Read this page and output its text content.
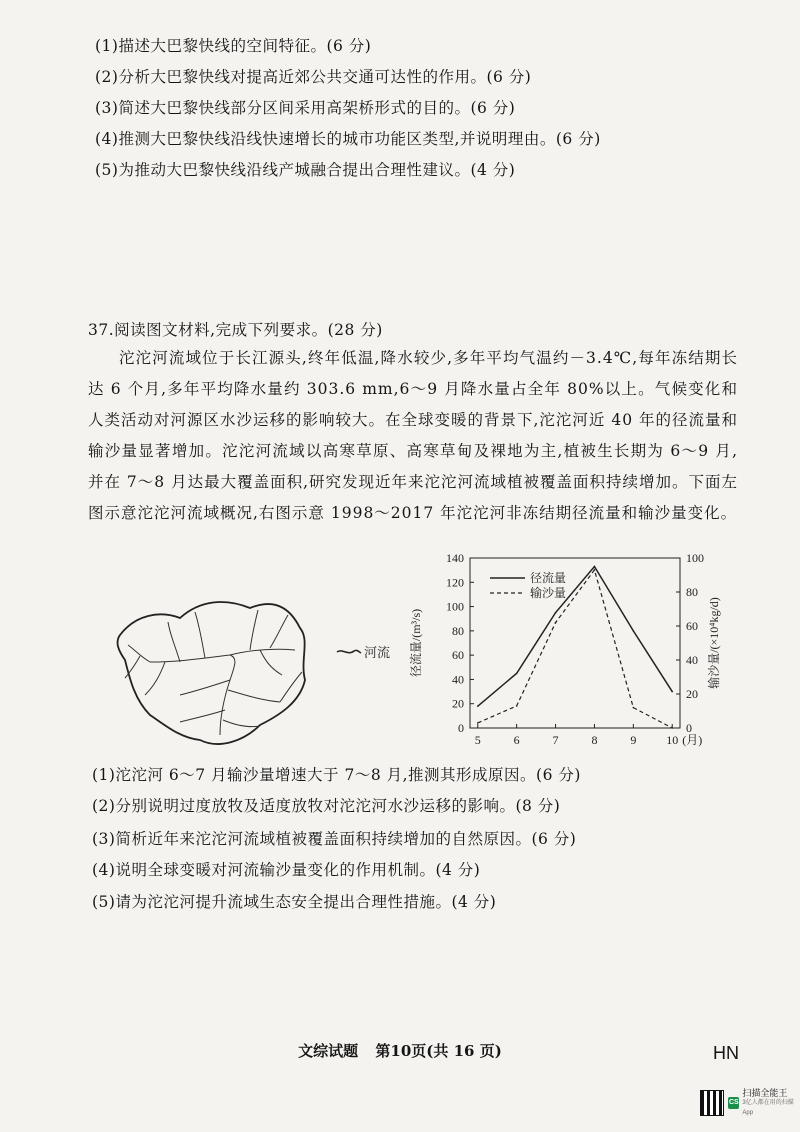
(1)描述大巴黎快线的空间特征。(6 分)
(2)分析大巴黎快线对提高近郊公共交通可达性的作用。(6 分)
(3)简述大巴黎快线部分区间采用高架桥形式的目的。(6 分)
(4)推测大巴黎快线沿线快速增长的城市功能区类型,并说明理由。(6 分)
(5)为推动大巴黎快线沿线产城融合提出合理性建议。(4 分)
37.阅读图文材料,完成下列要求。(28 分)

沱沱河流域位于长江源头,终年低温,降水较少,多年平均气温约－3.4℃,每年冻结期长达 6 个月,多年平均降水量约 303.6 mm,6～9 月降水量占全年 80%以上。气候变化和人类活动对河源区水沙运移的影响较大。在全球变暖的背景下,沱沱河近 40 年的径流量和输沙量显著增加。沱沱河流域以高寒草原、高寒草甸及裸地为主,植被生长期为 6～9 月,并在 7～8 月达最大覆盖面积,研究发现近年来沱沱河流域植被覆盖面积持续增加。下面左图示意沱沱河流域概况,右图示意 1998～2017 年沱沱河非冻结期径流量和输沙量变化。

河流
0
20
40
60
80
100
120
140
0
20
40
60
80
100
5	6	7	8	9 10 (月)
径流量/(m³/s)	输沙量/(×10⁴kg/d)
径流量
输沙量
(1)沱沱河 6～7 月输沙量增速大于 7～8 月,推测其形成原因。(6 分)
(2)分别说明过度放牧及适度放牧对沱沱河水沙运移的影响。(8 分)
(3)简析近年来沱沱河流域植被覆盖面积持续增加的自然原因。(6 分)
(4)说明全球变暖对河流输沙量变化的作用机制。(4 分)
(5)请为沱沱河提升流域生态安全提出合理性措施。(4 分)
文综试题 第10页(共 16 页)	HN
CS
扫描全能王
3亿人都在用的扫描App
